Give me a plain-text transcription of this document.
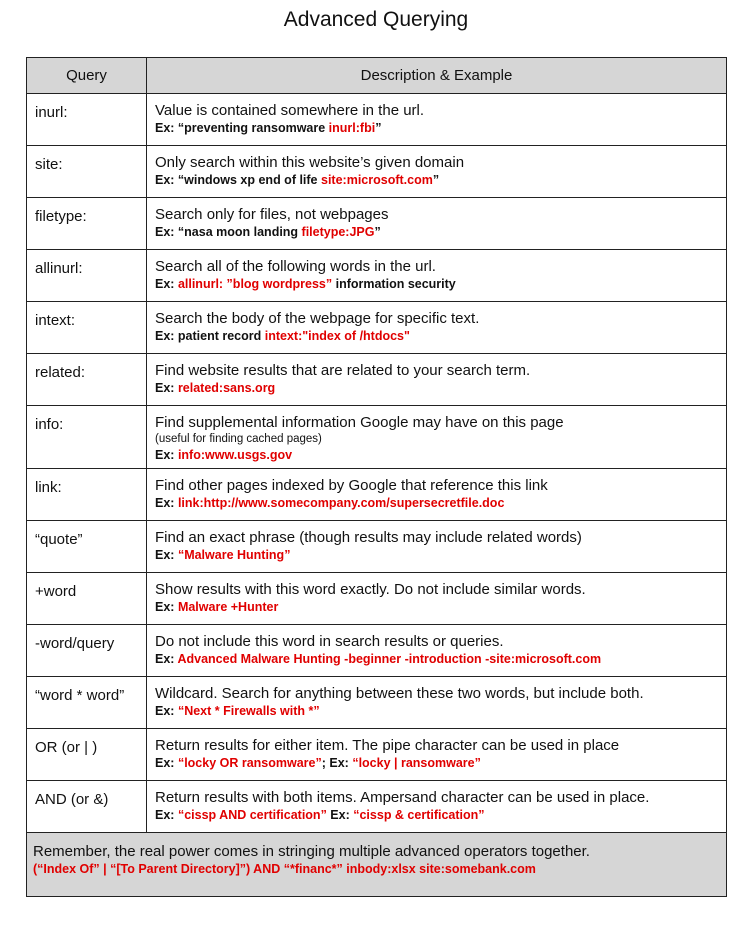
Advanced Querying
Query	Description & Example
inurl:	Value is contained somewhere in the url.
Ex: “preventing ransomware inurl:fbi”

site:	Only search within this website’s given domain
Ex: “windows xp end of life site:microsoft.com”

filetype:	Search only for files, not webpages
Ex: “nasa moon landing filetype:JPG”

allinurl:	Search all of the following words in the url.
Ex: allinurl: ”blog wordpress” information security

intext:	Search the body of the webpage for specific text.
Ex: patient record intext:"index of /htdocs"

related:	Find website results that are related to your search term.
Ex: related:sans.org

info:	Find supplemental information Google may have on this page
(useful for finding cached pages)
Ex: info:www.usgs.gov

link:	Find other pages indexed by Google that reference this link
Ex: link:http://www.somecompany.com/supersecretfile.doc

“quote”	Find an exact phrase (though results may include related words)
Ex: “Malware Hunting”

+word	Show results with this word exactly. Do not include similar words.
Ex: Malware +Hunter

-word/query	Do not include this word in search results or queries.
Ex: Advanced Malware Hunting -beginner -introduction -site:microsoft.com

“word * word”	Wildcard. Search for anything between these two words, but include both.
Ex: “Next * Firewalls with *”

OR (or | )	Return results for either item. The pipe character can be used in place
Ex: “locky OR ransomware”; Ex: “locky | ransomware”

AND (or &)	Return results with both items. Ampersand character can be used in place.
Ex: “cissp AND certification” Ex: “cissp & certification”

Remember, the real power comes in stringing multiple advanced operators together.
(“Index Of” | “[To Parent Directory]”) AND “*financ*” inbody:xlsx site:somebank.com	
